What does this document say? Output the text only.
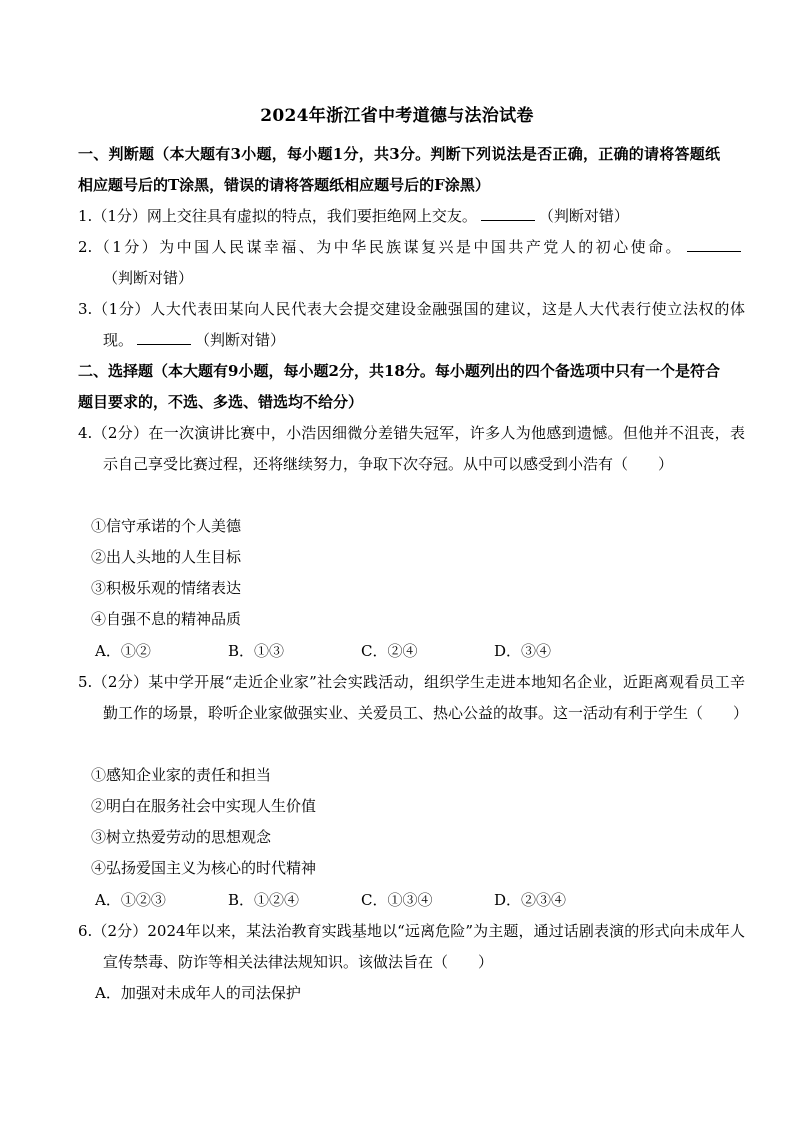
2024年浙江省中考道德与法治试卷
一、判断题（本大题有3小题，每小题1分，共3分。判断下列说法是否正确，正确的请将答题纸相应题号后的T涂黑，错误的请将答题纸相应题号后的F涂黑）
1.（1分）网上交往具有虚拟的特点，我们要拒绝网上交友。	（判断对错）
2.（1分）为中国人民谋幸福、为中华民族谋复兴是中国共产党人的初心使命。（判断对错）
3.（1分）人大代表田某向人民代表大会提交建设金融强国的建议，这是人大代表行使立法权的体现。	（判断对错）
二、选择题（本大题有9小题，每小题2分，共18分。每小题列出的四个备选项中只有一个是符合题目要求的，不选、多选、错选均不给分）
4.（2分）在一次演讲比赛中，小浩因细微分差错失冠军，许多人为他感到遗憾。但他并不沮丧，表示自己享受比赛过程，还将继续努力，争取下次夺冠。从中可以感受到小浩有（　　）
①信守承诺的个人美德
②出人头地的人生目标
③积极乐观的情绪表达
④自强不息的精神品质
A．①②	B．①③	C．②④	D．③④
5.（2分）某中学开展“走近企业家”社会实践活动，组织学生走进本地知名企业，近距离观看员工辛勤工作的场景，聆听企业家做强实业、关爱员工、热心公益的故事。这一活动有利于学生（　　）
①感知企业家的责任和担当
②明白在服务社会中实现人生价值
③树立热爱劳动的思想观念
④弘扬爱国主义为核心的时代精神
A．①②③	B．①②④	C．①③④	D．②③④
6.（2分）2024年以来，某法治教育实践基地以“远离危险”为主题，通过话剧表演的形式向未成年人宣传禁毒、防诈等相关法律法规知识。该做法旨在（　　）
A．加强对未成年人的司法保护
